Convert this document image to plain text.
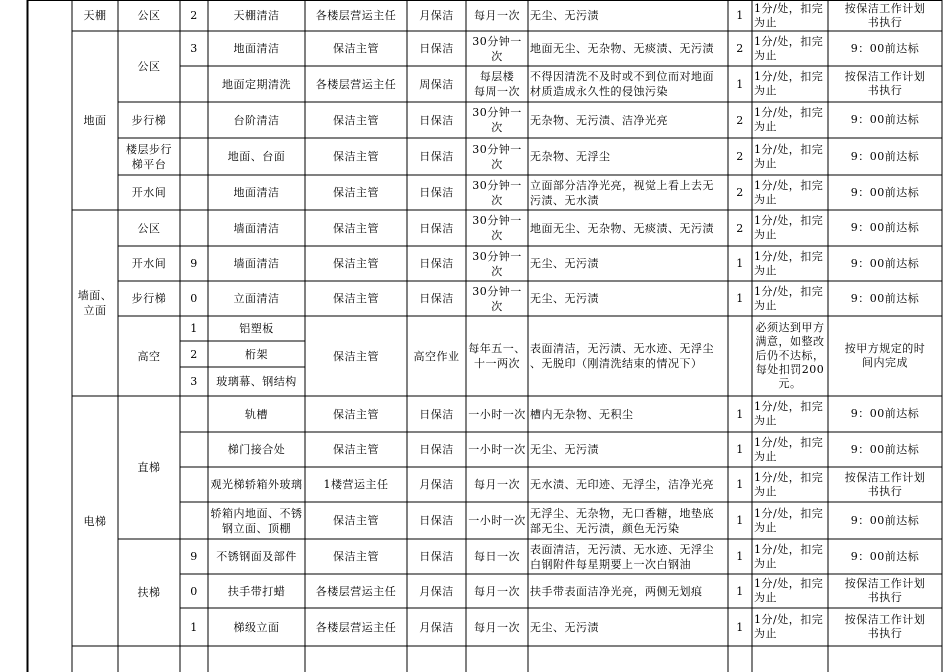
天棚
地面
墙面、
立面
电梯
公区
公区
步行梯
楼层步行
梯平台
开水间
公区
开水间
步行梯
高空
直梯
扶梯
2
3
9
0
1
2
3
9
0
1
天棚清洁
地面清洁
地面定期清洗
台阶清洁
地面、台面
地面清洁
墙面清洁
墙面清洁
立面清洁
铝塑板
桁架
玻璃幕、钢结构
轨槽
梯门接合处
观光梯轿箱外玻璃
轿箱内地面、不锈
钢立面、顶棚
不锈钢面及部件
扶手带打蜡
梯级立面
各楼层营运主任
保洁主管
各楼层营运主任
保洁主管
保洁主管
保洁主管
保洁主管
保洁主管
保洁主管
保洁主管
保洁主管
保洁主管
1楼营运主任
保洁主管
保洁主管
各楼层营运主任
各楼层营运主任
月保洁
日保洁
周保洁
日保洁
日保洁
日保洁
日保洁
日保洁
日保洁
高空作业
日保洁
日保洁
月保洁
日保洁
日保洁
月保洁
月保洁
每月一次
30分钟一次
每层楼
每周一次
30分钟一次
30分钟一次
30分钟一次
30分钟一次
30分钟一次
30分钟一次
每年五一、
十一两次
一小时一次
一小时一次
每月一次
一小时一次
每日一次
每月一次
每月一次
无尘、无污渍
地面无尘、无杂物、无痰渍、无污渍
不得因清洗不及时或不到位而对地面
材质造成永久性的侵蚀污染
无杂物、无污渍、洁净光亮
无杂物、无浮尘
立面部分洁净光亮，视觉上看上去无
污渍、无水渍
地面无尘、无杂物、无痰渍、无污渍
无尘、无污渍
无尘、无污渍
表面清洁，无污渍、无水迹、无浮尘
、无脱印（刚清洗结束的情况下）
槽内无杂物、无积尘
无尘、无污渍
无水渍、无印迹、无浮尘，洁净光亮
无浮尘、无杂物，无口香糖，地垫底
部无尘、无污渍，颜色无污染
表面清洁，无污渍、无水迹、无浮尘
白钢附件每星期要上一次白钢油
扶手带表面洁净光亮，两侧无划痕
无尘、无污渍
1
2
1
2
2
2
2
1
1
1
1
1
1
1
1
1
1分/处，扣完
为止
1分/处，扣完
为止
1分/处，扣完
为止
1分/处，扣完
为止
1分/处，扣完
为止
1分/处，扣完
为止
1分/处，扣完
为止
1分/处，扣完
为止
1分/处，扣完
为止
必须达到甲方
满意，如整改
后仍不达标，
每处扣罚200
元。
1分/处，扣完
为止
1分/处，扣完
为止
1分/处，扣完
为止
1分/处，扣完
为止
1分/处，扣完
为止
1分/处，扣完
为止
1分/处，扣完
为止
按保洁工作计划
书执行
9：00前达标
按保洁工作计划
书执行
9：00前达标
9：00前达标
9：00前达标
9：00前达标
9：00前达标
9：00前达标
按甲方规定的时
间内完成
9：00前达标
9：00前达标
按保洁工作计划
书执行
9：00前达标
9：00前达标
按保洁工作计划
书执行
按保洁工作计划
书执行
